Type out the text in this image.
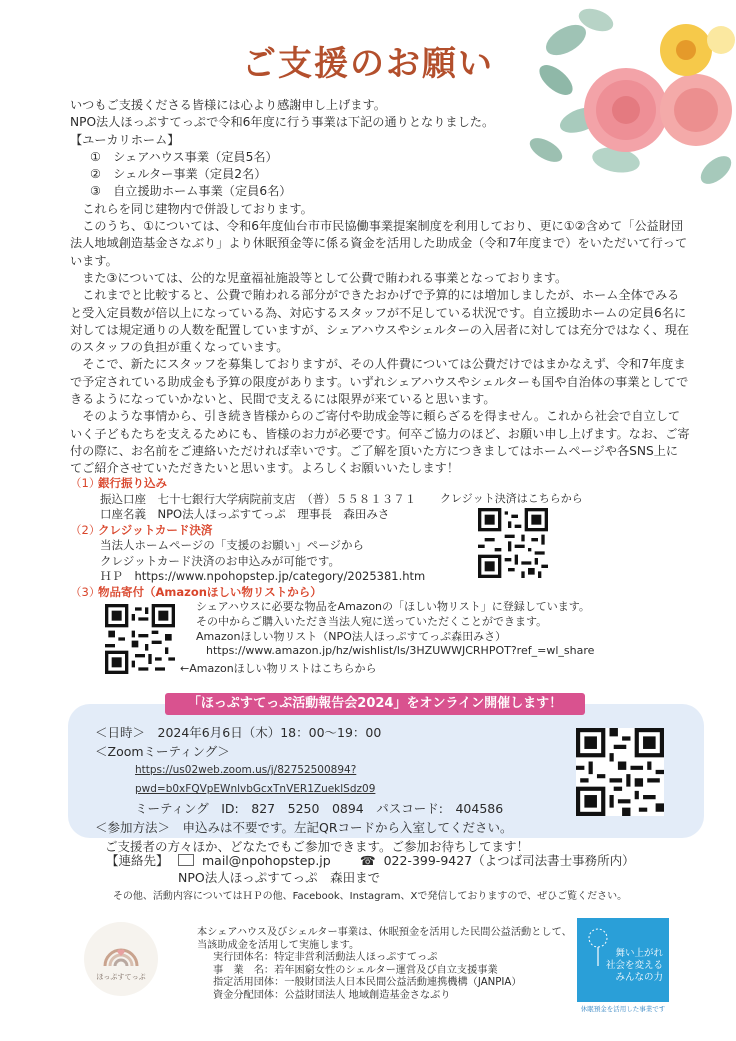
ご支援のお願い

いつもご支援くださる皆様には心より感謝申し上げます。

NPO法人ほっぷすてっぷで令和6年度に行う事業は下記の通りとなりました。

【ユーカリホーム】

①　シェアハウス事業（定員5名）

②　シェルター事業（定員2名）

③　自立援助ホーム事業（定員6名）

　これらを同じ建物内で併設しております。

　このうち、①については、令和6年度仙台市市民協働事業提案制度を利用しており、更に①②含めて「公益財団法人地域創造基金さなぶり」より休眠預金等に係る資金を活用した助成金（令和7年度まで）をいただいて行っています。

　また③については、公的な児童福祉施設等として公費で賄われる事業となっております。

　これまでと比較すると、公費で賄われる部分ができたおかげで予算的には増加しましたが、ホーム全体でみると受入定員数が倍以上になっている為、対応するスタッフが不足している状況です。自立援助ホームの定員6名に対しては規定通りの人数を配置していますが、シェアハウスやシェルターの入居者に対しては充分ではなく、現在のスタッフの負担が重くなっています。

　そこで、新たにスタッフを募集しておりますが、その人件費については公費だけではまかなえず、令和7年度まで予定されている助成金も予算の限度があります。いずれシェアハウスやシェルターも国や自治体の事業としてできるようになっていかないと、民間で支えるには限界が来ていると思います。

　そのような事情から、引き続き皆様からのご寄付や助成金等に頼らざるを得ません。これから社会で自立していく子どもたちを支えるためにも、皆様のお力が必要です。何卒ご協力のほど、お願い申し上げます。なお、ご寄付の際に、お名前をご連絡いただければ幸いです。ご了解を頂いた方につきましてはホームページや各SNS上にてご紹介させていただきたいと思います。よろしくお願いいたします！

（1）銀行振り込み
振込口座　七十七銀行大学病院前支店　（普）５５８１３７１
口座名義　NPO法人ほっぷすてっぷ　理事長　森田みさ
（2）クレジットカード決済
当法人ホームページの「支援のお願い」ページから
クレジットカード決済のお申込みが可能です。
ＨＰ　https://www.npohopstep.jp/category/2025381.htm
（3）物品寄付（Amazonほしい物リストから）
クレジット決済はこちらから
シェアハウスに必要な物品をAmazonの「ほしい物リスト」に登録しています。
その中からご購入いただき当法人宛に送っていただくことができます。
Amazonほしい物リスト（NPO法人ほっぷすてっぷ森田みさ）
https://www.amazon.jp/hz/wishlist/ls/3HZUWWJCRHPOT?ref_=wl_share
←Amazonほしい物リストはこちらから
「ほっぷすてっぷ活動報告会2024」をオンライン開催します！
＜日時＞　2024年6月6日（木）18：00～19：00
＜Zoomミーティング＞
https://us02web.zoom.us/j/82752500894?pwd=b0xFQVpEWnlvbGcxTnVER1ZueklSdz09
ミーティング　ID:　827　5250　0894　パスコード:　404586
＜参加方法＞　申込みは不要です。左記QRコードから入室してください。
ご支援者の方々ほか、どなたでもご参加できます。ご参加お待ちしてます！
【連絡先】	mail@npohopstep.jp ☎ 022-399-9427（よつば司法書士事務所内）
NPO法人ほっぷすてっぷ　森田まで
その他、活動内容についてはＨＰの他、Facebook、Instagram、Xで発信しておりますので、ぜひご覧ください。
ほっぷすてっぷ
本シェアハウス及びシェルター事業は、休眠預金を活用した民間公益活動として、
当該助成金を活用して実施します。
実行団体名：特定非営利活動法人ほっぷすてっぷ
事　業　名：若年困窮女性のシェルター運営及び自立支援事業
指定活用団体：一般財団法人日本民間公益活動連携機構（JANPIA）
資金分配団体：公益財団法人 地域創造基金さなぶり
舞い上がれ
社会を変える
みんなの力
休眠預金を活用した事業です
